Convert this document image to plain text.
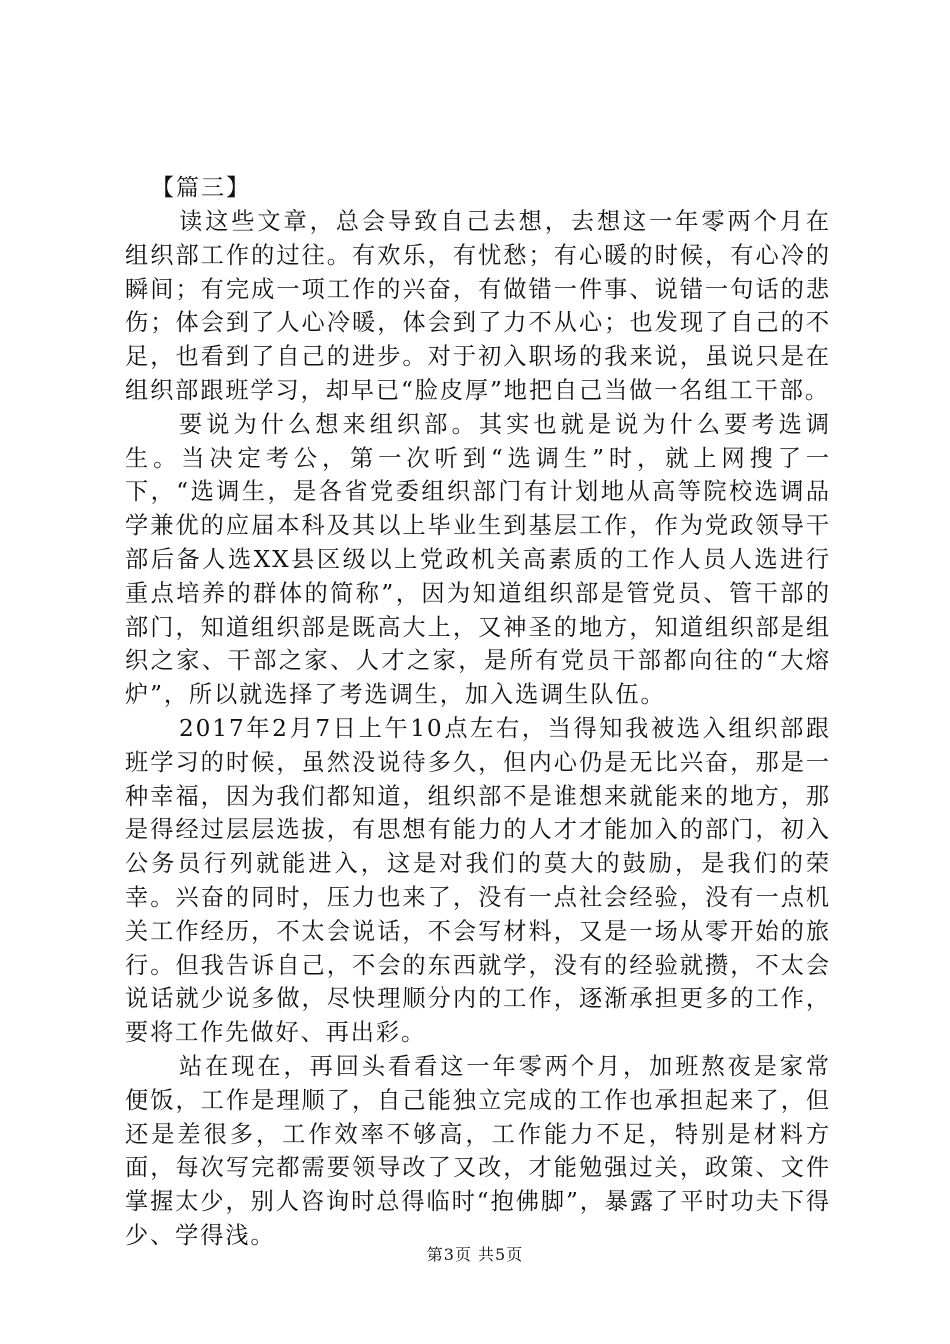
【篇三】

读这些文章，总会导致自己去想，去想这一年零两个月在组织部工作的过往。有欢乐，有忧愁；有心暖的时候，有心冷的瞬间；有完成一项工作的兴奋，有做错一件事、说错一句话的悲伤；体会到了人心冷暖，体会到了力不从心；也发现了自己的不足，也看到了自己的进步。对于初入职场的我来说，虽说只是在组织部跟班学习，却早已“脸皮厚”地把自己当做一名组工干部。

要说为什么想来组织部。其实也就是说为什么要考选调生。当决定考公，第一次听到“选调生”时，就上网搜了一下，“选调生，是各省党委组织部门有计划地从高等院校选调品学兼优的应届本科及其以上毕业生到基层工作，作为党政领导干部后备人选XX县区级以上党政机关高素质的工作人员人选进行重点培养的群体的简称”，因为知道组织部是管党员、管干部的部门，知道组织部是既高大上，又神圣的地方，知道组织部是组织之家、干部之家、人才之家，是所有党员干部都向往的“大熔炉”，所以就选择了考选调生，加入选调生队伍。

2017年2月7日上午10点左右，当得知我被选入组织部跟班学习的时候，虽然没说待多久，但内心仍是无比兴奋，那是一种幸福，因为我们都知道，组织部不是谁想来就能来的地方，那是得经过层层选拔，有思想有能力的人才才能加入的部门，初入公务员行列就能进入，这是对我们的莫大的鼓励，是我们的荣幸。兴奋的同时，压力也来了，没有一点社会经验，没有一点机关工作经历，不太会说话，不会写材料，又是一场从零开始的旅行。但我告诉自己，不会的东西就学，没有的经验就攒，不太会说话就少说多做，尽快理顺分内的工作，逐渐承担更多的工作，要将工作先做好、再出彩。

站在现在，再回头看看这一年零两个月，加班熬夜是家常便饭，工作是理顺了，自己能独立完成的工作也承担起来了，但还是差很多，工作效率不够高，工作能力不足，特别是材料方面，每次写完都需要领导改了又改，才能勉强过关，政策、文件掌握太少，别人咨询时总得临时“抱佛脚”，暴露了平时功夫下得少、学得浅。

第3页 共5页
